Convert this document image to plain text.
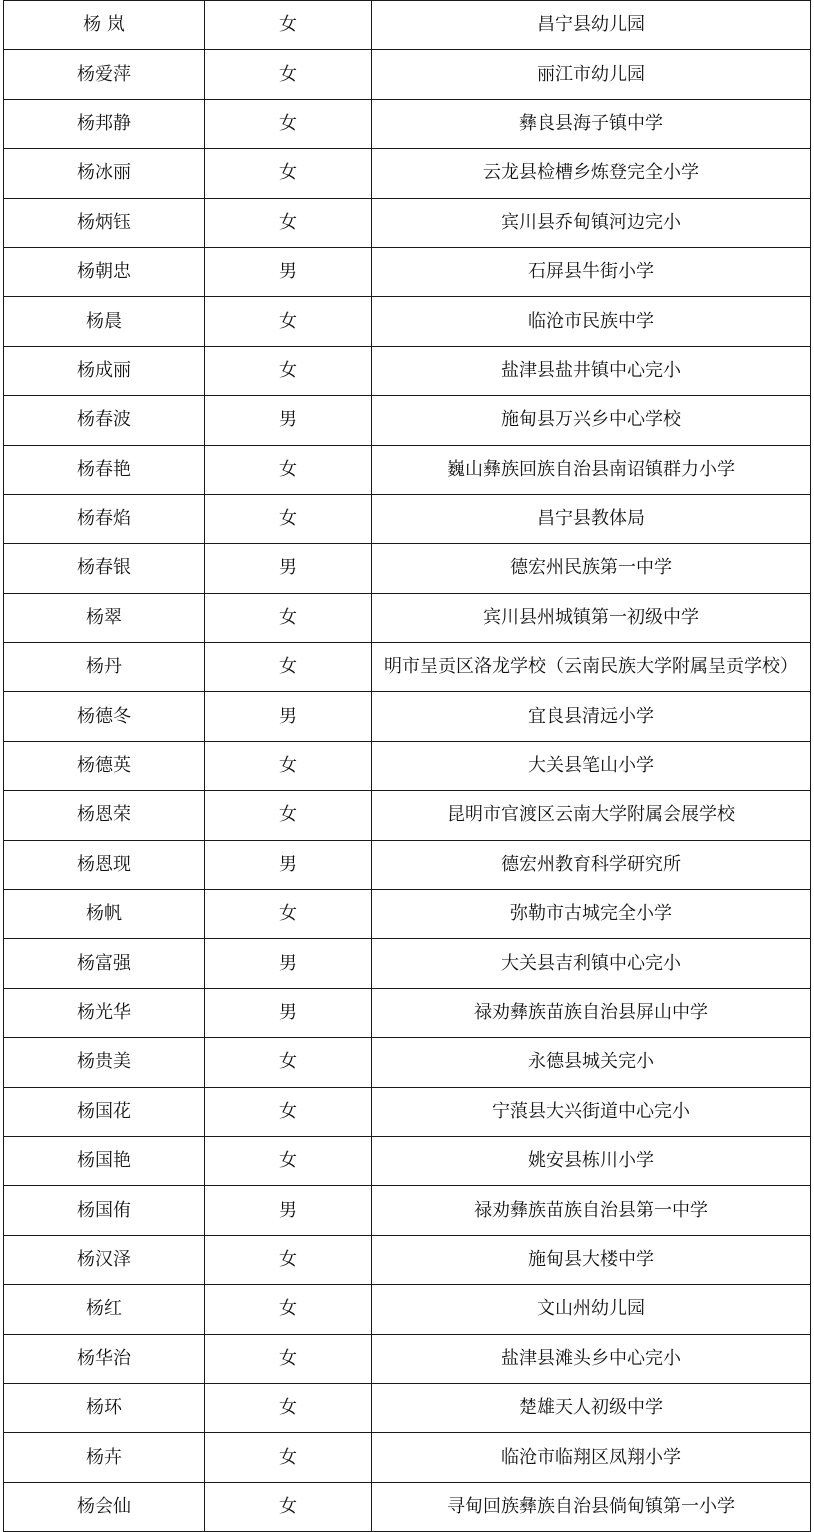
杨 岚	女	昌宁县幼儿园
杨爱萍	女	丽江市幼儿园
杨邦静	女	彝良县海子镇中学
杨冰丽	女	云龙县检槽乡炼登完全小学
杨炳钰	女	宾川县乔甸镇河边完小
杨朝忠	男	石屏县牛街小学
杨晨	女	临沧市民族中学
杨成丽	女	盐津县盐井镇中心完小
杨春波	男	施甸县万兴乡中心学校
杨春艳	女	巍山彝族回族自治县南诏镇群力小学
杨春焰	女	昌宁县教体局
杨春银	男	德宏州民族第一中学
杨翠	女	宾川县州城镇第一初级中学
杨丹	女	明市呈贡区洛龙学校（云南民族大学附属呈贡学校）
杨德冬	男	宜良县清远小学
杨德英	女	大关县笔山小学
杨恩荣	女	昆明市官渡区云南大学附属会展学校
杨恩现	男	德宏州教育科学研究所
杨帆	女	弥勒市古城完全小学
杨富强	男	大关县吉利镇中心完小
杨光华	男	禄劝彝族苗族自治县屏山中学
杨贵美	女	永德县城关完小
杨国花	女	宁蒗县大兴街道中心完小
杨国艳	女	姚安县栋川小学
杨国侑	男	禄劝彝族苗族自治县第一中学
杨汉泽	女	施甸县大楼中学
杨红	女	文山州幼儿园
杨华治	女	盐津县滩头乡中心完小
杨环	女	楚雄天人初级中学
杨卉	女	临沧市临翔区凤翔小学
杨会仙	女	寻甸回族彝族自治县倘甸镇第一小学
